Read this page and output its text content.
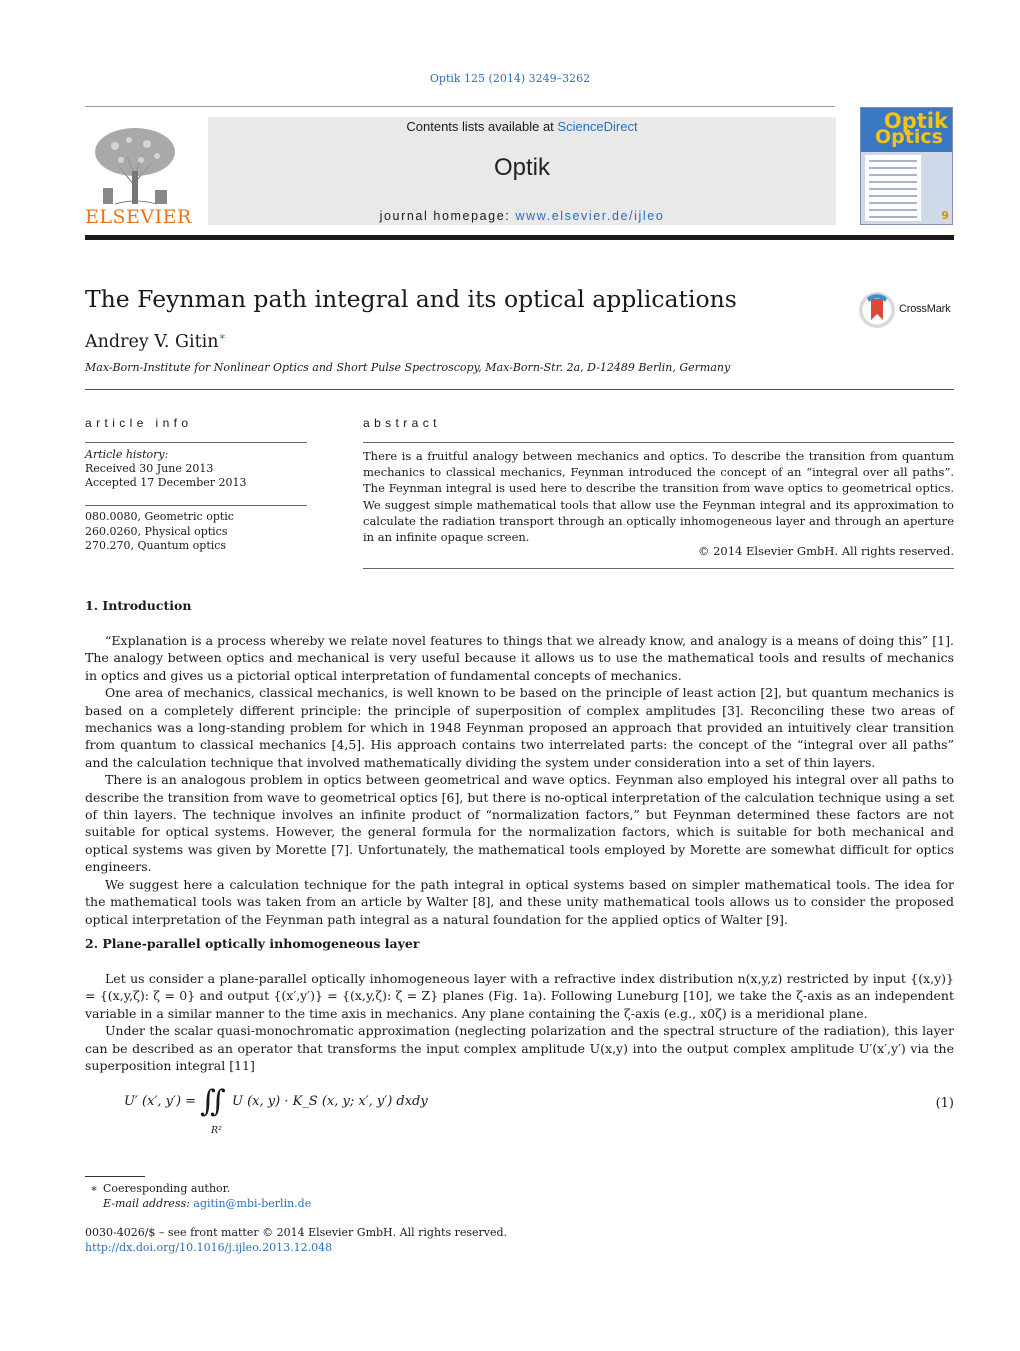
Optik 125 (2014) 3249–3262
ELSEVIER
Contents lists available at ScienceDirect
Optik
journal homepage: www.elsevier.de/ijleo
Optik
Optics
9
The Feynman path integral and its optical applications	CrossMark
Andrey V. Gitin∗
Max-Born-Institute for Nonlinear Optics and Short Pulse Spectroscopy, Max-Born-Str. 2a, D-12489 Berlin, Germany
article info	abstract
Article history:
Received 30 June 2013
Accepted 17 December 2013
080.0080, Geometric optic
260.0260, Physical optics
270.270, Quantum optics
There is a fruitful analogy between mechanics and optics. To describe the transition from quantum mechanics to classical mechanics, Feynman introduced the concept of an “integral over all paths”. The Feynman integral is used here to describe the transition from wave optics to geometrical optics. We suggest simple mathematical tools that allow use the Feynman integral and its approximation to calculate the radiation transport through an optically inhomogeneous layer and through an aperture in an infinite opaque screen.
© 2014 Elsevier GmbH. All rights reserved.
1. Introduction

“Explanation is a process whereby we relate novel features to things that we already know, and analogy is a means of doing this” [1]. The analogy between optics and mechanical is very useful because it allows us to use the mathematical tools and results of mechanics in optics and gives us a pictorial optical interpretation of fundamental concepts of mechanics.

One area of mechanics, classical mechanics, is well known to be based on the principle of least action [2], but quantum mechanics is based on a completely different principle: the principle of superposition of complex amplitudes [3]. Reconciling these two areas of mechanics was a long-standing problem for which in 1948 Feynman proposed an approach that provided an intuitively clear transition from quantum to classical mechanics [4,5]. His approach contains two interrelated parts: the concept of the “integral over all paths” and the calculation technique that involved mathematically dividing the system under consideration into a set of thin layers.

There is an analogous problem in optics between geometrical and wave optics. Feynman also employed his integral over all paths to describe the transition from wave to geometrical optics [6], but there is no-optical interpretation of the calculation technique using a set of thin layers. The technique involves an infinite product of “normalization factors,” but Feynman determined these factors are not suitable for optical systems. However, the general formula for the normalization factors, which is suitable for both mechanical and optical systems was given by Morette [7]. Unfortunately, the mathematical tools employed by Morette are somewhat difficult for optics engineers.

We suggest here a calculation technique for the path integral in optical systems based on simpler mathematical tools. The idea for the mathematical tools was taken from an article by Walter [8], and these unity mathematical tools allows us to consider the proposed optical interpretation of the Feynman path integral as a natural foundation for the applied optics of Walter [9].

2. Plane-parallel optically inhomogeneous layer

Let us consider a plane-parallel optically inhomogeneous layer with a refractive index distribution n(x,y,z) restricted by input {(x,y)} = {(x,y,ζ): ζ = 0} and output {(x′,y′)} = {(x,y,ζ): ζ = Z} planes (Fig. 1a). Following Luneburg [10], we take the ζ-axis as an independent variable in a similar manner to the time axis in mechanics. Any plane containing the ζ-axis (e.g., x0ζ) is a meridional plane.

Under the scalar quasi-monochromatic approximation (neglecting polarization and the spectral structure of the radiation), this layer can be described as an operator that transforms the input complex amplitude U(x,y) into the output complex amplitude U′(x′,y′) via the superposition integral [11]

U′ (x′, y′) = ∬ U (x, y) · K_S (x, y; x′, y′) dxdy
R²
(1)
∗ Coeresponding author.
E-mail address: agitin@mbi-berlin.de
0030-4026/$ – see front matter © 2014 Elsevier GmbH. All rights reserved.
http://dx.doi.org/10.1016/j.ijleo.2013.12.048
